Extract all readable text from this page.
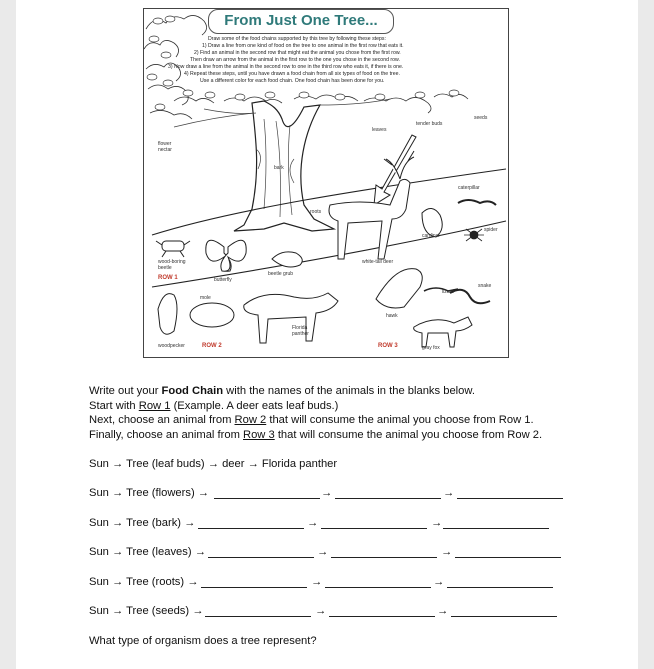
From Just One Tree...
Draw some of the food chains supported by this tree by following these steps:
1) Draw a line from one kind of food on the tree to one animal in the first row that eats it.
2) Find an animal in the second row that might eat the animal you chose from the first row.
Then draw an arrow from the animal in the first row to the one you chose in the second row.
3) Now draw a line from the animal in the second row to one in the third row who eats it, if there is one.
4) Repeat these steps, until you have drawn a food chain from all six types of food on the tree.
Use a different color for each food chain. One food chain has been done for you.
flower nectar
leaves
tender buds
seeds
bark
roots
caterpillar
cardinal
spider
wood-boring beetle
butterfly
beetle grub
white-tail deer
snake
lizard
mole
hawk
Florida panther
woodpecker	gray fox
ROW 1
ROW 2	ROW 3

Write out your Food Chain with the names of the animals in the blanks below.

Start with Row 1 (Example. A deer eats leaf buds.)

Next, choose an animal from Row 2 that will consume the animal you choose from Row 1.

Finally, choose an animal from Row 3 that will consume the animal you choose from Row 2.

Sun → Tree (leaf buds) → deer → Florida panther
Sun → Tree (flowers) →	→	→
Sun → Tree (bark) →	→	→
Sun → Tree (leaves) →	→	→
Sun → Tree (roots) →	→	→
Sun → Tree (seeds) →	→	→
What type of organism does a tree represent?
